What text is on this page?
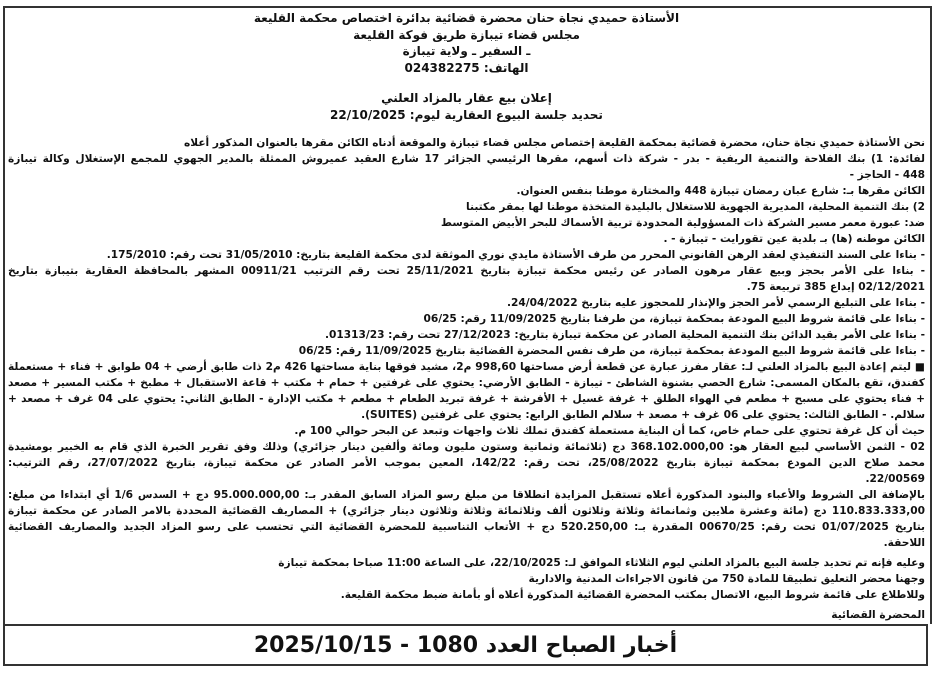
الأستاذة حميدي نجاة حنان محضرة قضائية بدائرة اختصاص محكمة القليعة
مجلس قضاء تيبازة طريق فوكة القليعة
ـ السفير ـ ولاية تيبازة
الهاتف: 024382275
إعلان بيع عقار بالمزاد العلني
تحديد جلسة البيوع العقارية ليوم: 22/10/2025
نحن الأستاذة حميدي نجاة حنان، محضرة قضائية بمحكمة القليعة إختصاص مجلس قضاء تيبازة والموقعة أدناه الكائن مقرها بالعنوان المذكور أعلاه
لفائدة: 1) بنك الفلاحة والتنمية الريفية - بدر - شركة ذات أسهم، مقرها الرئيسي الجزائر 17 شارع العقيد عميروش الممثلة بالمدير الجهوي للمجمع الإستغلال وكالة تيبازة
448 - الحاجز -
الكائن مقرها بـ: شارع عبان رمضان تيبازة 448 والمختارة موطنا بنفس العنوان.
2) بنك التنمية المحلية، المديرية الجهوية للاستغلال بالبليدة المتخذة موطنا لها بمقر مكتبنا
ضد: عبورة معمر مسير الشركة ذات المسؤولية المحدودة تربية الأسماك للبحر الأبيض المتوسط
الكائن موطنه (ها) بـ بلدية عين تقورايت - تيبازة - .
- بناءا على السند التنفيذي لعقد الرهن القانوني المحرر من طرف الأستاذة مايدي نوري الموثقة لدى محكمة القليعة بتاريخ: 31/05/2010 تحت رقم: 175/2010.
- بناءا على الأمر بحجز وبيع عقار مرهون الصادر عن رئيس محكمة تيبازة بتاريخ 25/11/2021 تحت رقم الترتيب 00911/21 المشهر بالمحافظة العقارية بتيبازة بتاريخ
02/12/2021 إيداع 385 تربيعة 75.
- بناءا على التبليغ الرسمي لأمر الحجز والإنذار للمحجوز عليه بتاريخ 24/04/2022.
- بناءا على قائمة شروط البيع المودعة بمحكمة تيبازة، من طرفنا بتاريخ 11/09/2025 رقم: 06/25
- بناءا على الأمر بقيد الدائن بنك التنمية المحلية الصادر عن محكمة تيبازة بتاريخ: 27/12/2023 تحت رقم: 01313/23.
- بناءا على قائمة شروط البيع المودعة بمحكمة تيبازة، من طرف نفس المحضرة القضائية بتاريخ 11/09/2025 رقم: 06/25
■ ليتم إعادة البيع بالمزاد العلني لـ: عقار مفرز عبارة عن قطعة أرض مساحتها 998,60 م2، مشيد فوقها بناية مساحتها 426 م2 ذات طابق أرضي + 04 طوابق + فناء + مستعملة
كفندق، تقع بالمكان المسمى: شارع الحصي بشنوة الشاطئ - تيبازة - الطابق الأرضي: يحتوي على غرفتين + حمام + مكتب + قاعة الاستقبال + مطبخ + مكتب المسير + مصعد
+ فناء يحتوي على مسبح + مطعم في الهواء الطلق + غرفة غسيل + الأفرشة + غرفة تبريد الطعام + مطعم + مكتب الإدارة - الطابق الثاني: يحتوي على 04 غرف + مصعد +
سلالم. - الطابق الثالث: يحتوي على 06 غرف + مصعد + سلالم الطابق الرابع: يحتوي على غرفتين (SUITES).
حيث أن كل غرفة تحتوي على حمام خاص، كما أن البناية مستعملة كفندق تملك ثلاث واجهات وتبعد عن البحر حوالي 100 م.
02 - الثمن الأساسي لبيع العقار هو: 368.102.000,00 دج (ثلاثمائة وثمانية وستون مليون ومائة وألفين دينار جزائري) وذلك وفق تقرير الخبرة الذي قام به الخبير بومشيدة
محمد صلاح الدين المودع بمحكمة تيبازة بتاريخ 25/08/2022، تحت رقم: 142/22، المعين بموجب الأمر الصادر عن محكمة تيبازة، بتاريخ 27/07/2022، رقم الترتيب:
22/00569.
بالإضافة الى الشروط والأعباء والبنود المذكورة أعلاه تستقبل المزايدة انطلاقا من مبلغ رسو المزاد السابق المقدر بـ: 95.000.000,00 دج + السدس 1/6 أي ابتداءا من مبلغ:
110.833.333,00 دج (مائة وعشرة ملايين وثمانمائة وثلاثة وثلاثون ألف وثلاثمائة وثلاثة وثلاثون دينار جزائري) + المصاريف القضائية المحددة بالامر الصادر عن محكمة تيبازة
بتاريخ 01/07/2025 تحت رقم: 00670/25 المقدرة بـ: 520.250,00 دج + الأتعاب التناسبية للمحضرة القضائية التي تحتسب على رسو المزاد الجديد والمصاريف القضائية
اللاحقة.
وعليه فإنه تم تحديد جلسة البيع بالمزاد العلني ليوم الثلاثاء الموافق لـ: 22/10/2025، على الساعة 11:00 صباحا بمحكمة تيبازة
وجهنا محضر التعليق تطبيقا للمادة 750 من قانون الاجراءات المدنية والادارية
وللاطلاع على قائمة شروط البيع، الاتصال بمكتب المحضرة القضائية المذكورة أعلاه أو بأمانة ضبط محكمة القليعة.
المحضرة القضائية
أخبار الصباح العدد 1080 - 2025/10/15
